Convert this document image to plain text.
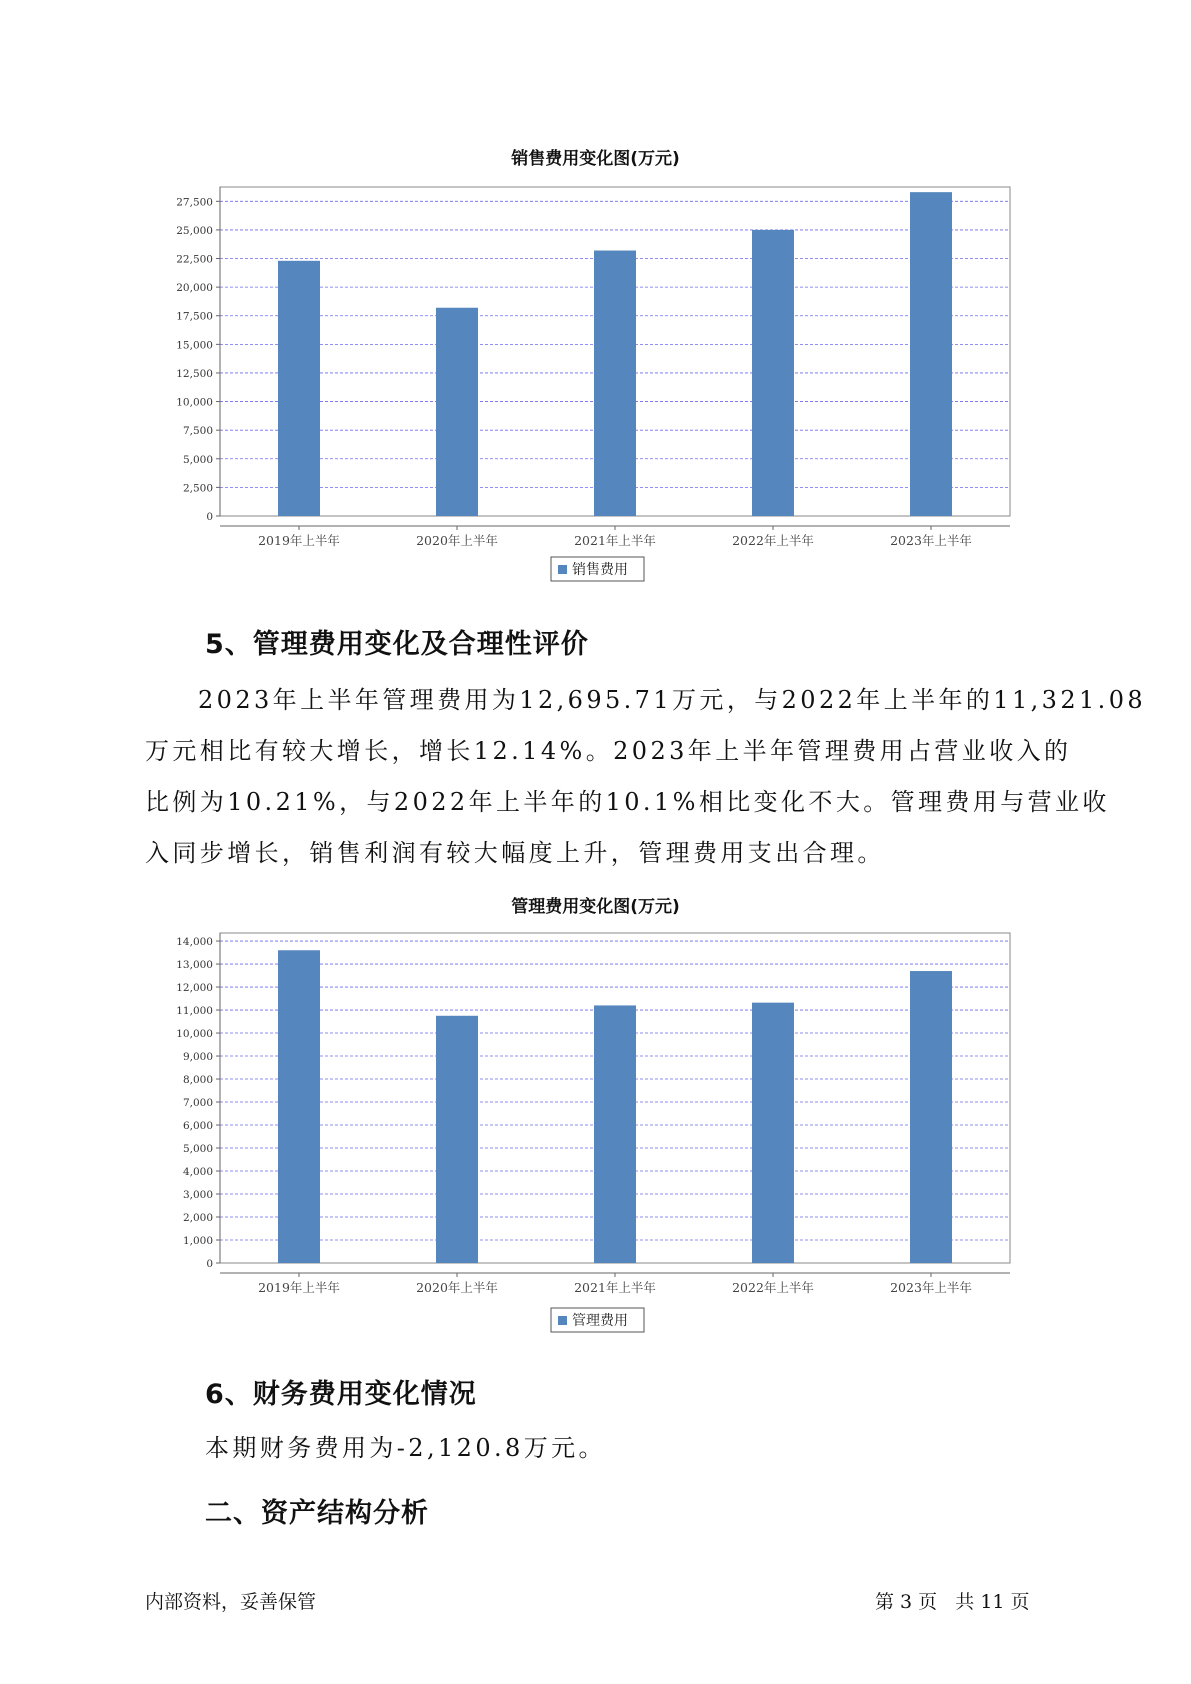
销售费用变化图(万元)
0
2,500
5,000
7,500
10,000
12,500
15,000
17,500
20,000
22,500
25,000
27,500
2019年上半年	2020年上半年	2021年上半年	2022年上半年	2023年上半年
销售费用
5、管理费用变化及合理性评价
2023年上半年管理费用为12,695.71万元，与2022年上半年的11,321.08
万元相比有较大增长，增长12.14%。2023年上半年管理费用占营业收入的
比例为10.21%，与2022年上半年的10.1%相比变化不大。管理费用与营业收
入同步增长，销售利润有较大幅度上升，管理费用支出合理。
管理费用变化图(万元)
0
1,000
2,000
3,000
4,000
5,000
6,000
7,000
8,000
9,000
10,000
11,000
12,000
13,000
14,000
2019年上半年	2020年上半年	2021年上半年	2022年上半年	2023年上半年
管理费用
6、财务费用变化情况
本期财务费用为-2,120.8万元。
二、资产结构分析
内部资料，妥善保管	第 3 页   共 11 页
